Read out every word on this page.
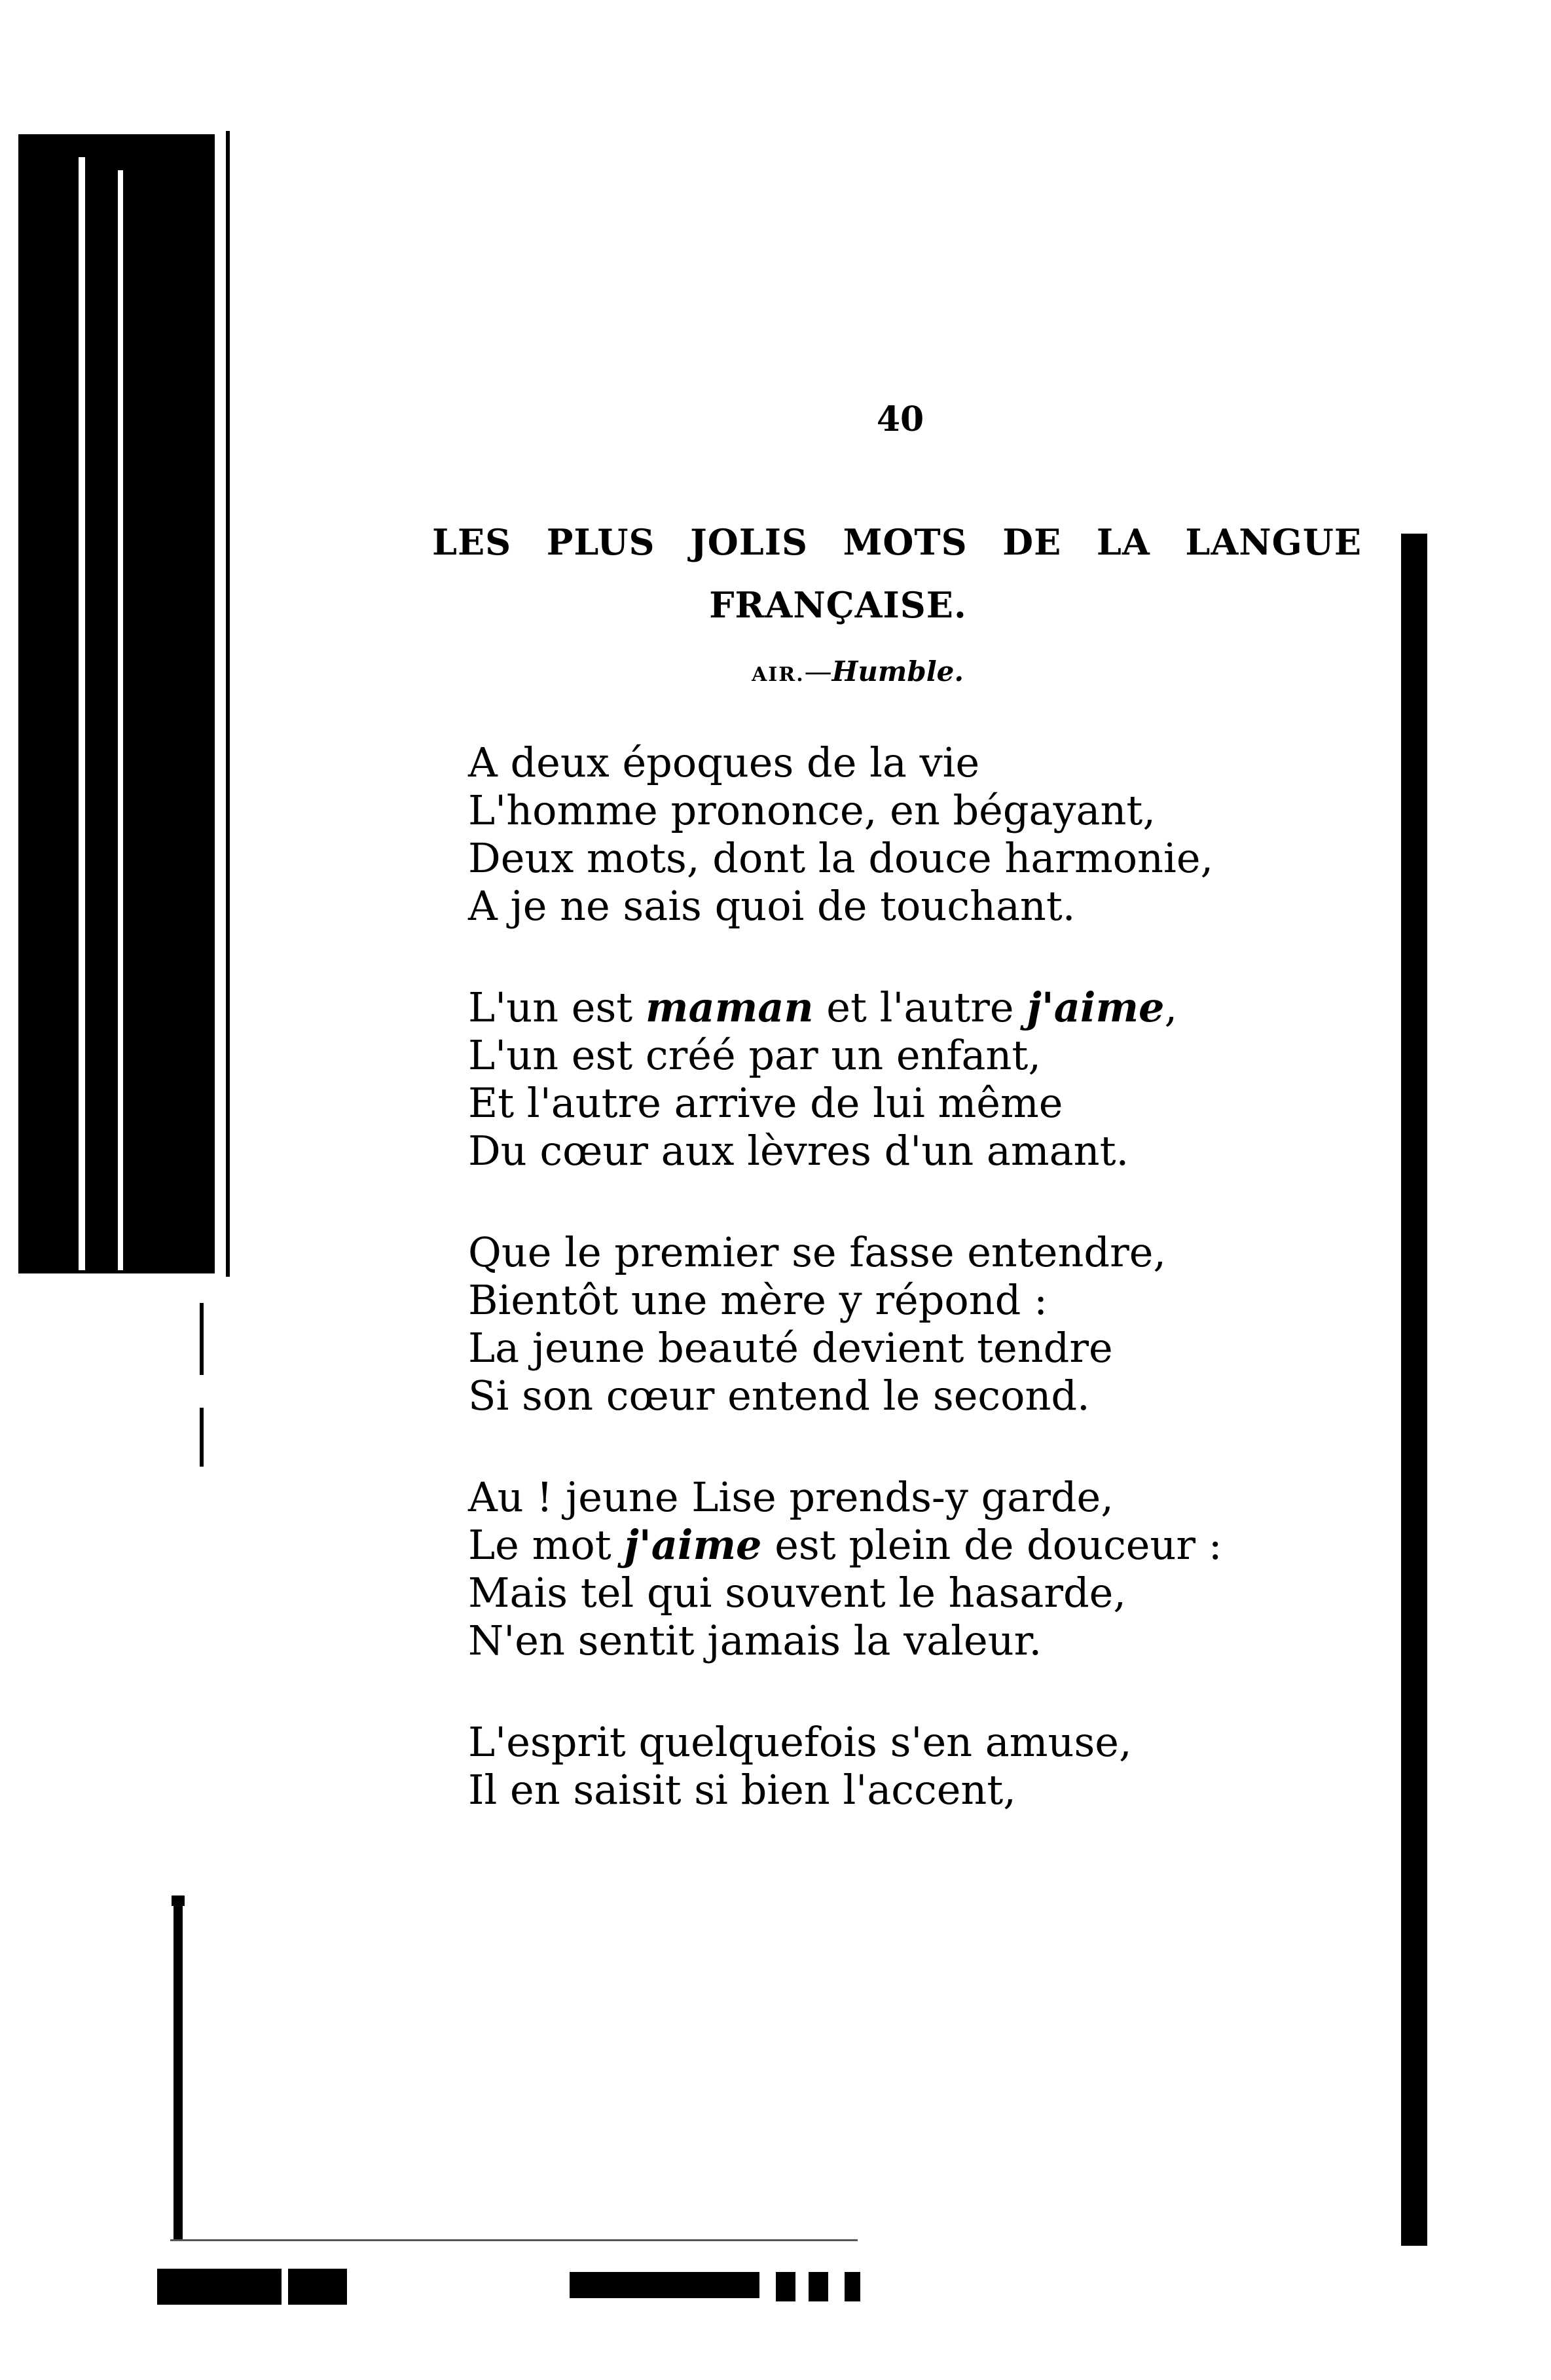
40
LES PLUS JOLIS MOTS DE LA LANGUE
FRANÇAISE.
AIR.—Humble.
A deux époques de la vie
L'homme prononce, en bégayant,
Deux mots, dont la douce harmonie,
A je ne sais quoi de touchant.
L'un est maman et l'autre j'aime,
L'un est créé par un enfant,
Et l'autre arrive de lui même
Du cœur aux lèvres d'un amant.
Que le premier se fasse entendre,
Bientôt une mère y répond :
La jeune beauté devient tendre
Si son cœur entend le second.
Au ! jeune Lise prends-y garde,
Le mot j'aime est plein de douceur :
Mais tel qui souvent le hasarde,
N'en sentit jamais la valeur.
L'esprit quelquefois s'en amuse,
Il en saisit si bien l'accent,
